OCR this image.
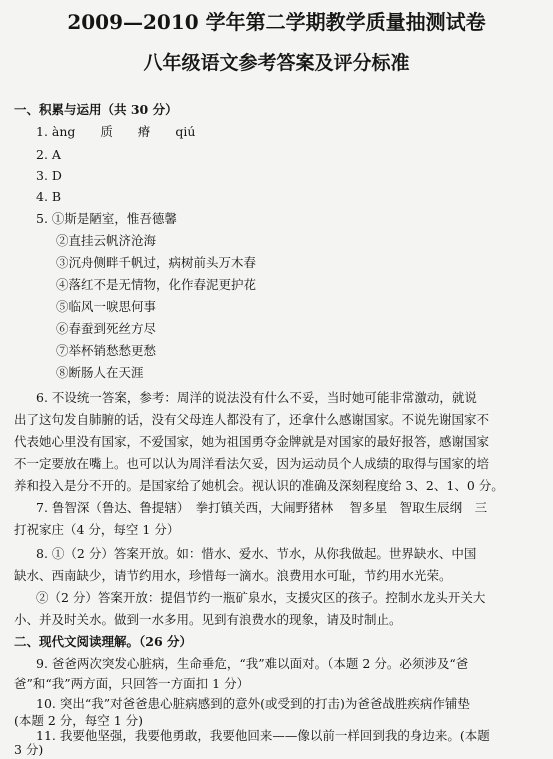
2009—2010 学年第二学期教学质量抽测试卷
八年级语文参考答案及评分标准
一、积累与运用（共 30 分）
1. àng　　质　　瘠　　qiú
2. A
3. D
4. B
5. ①斯是陋室，惟吾德馨
②直挂云帆济沧海
③沉舟侧畔千帆过，病树前头万木春
④落红不是无情物，化作春泥更护花
⑤临风一唳思何事
⑥春蚕到死丝方尽
⑦举杯销愁愁更愁
⑧断肠人在天涯
6. 不设统一答案，参考：周洋的说法没有什么不妥，当时她可能非常激动，就说
出了这句发自肺腑的话，没有父母连人都没有了，还拿什么感谢国家。不说先谢国家不
代表她心里没有国家，不爱国家，她为祖国勇夺金牌就是对国家的最好报答，感谢国家
不一定要放在嘴上。也可以认为周洋看法欠妥，因为运动员个人成绩的取得与国家的培
养和投入是分不开的。是国家给了她机会。视认识的准确及深刻程度给 3、2、1、0 分。
7. 鲁智深（鲁达、鲁提辖）　拳打镇关西，大闹野猪林　 智多星　智取生辰纲　三
打祝家庄（4 分，每空 1 分）
8. ①（2 分）答案开放。如：惜水、爱水、节水，从你我做起。世界缺水、中国
缺水、西南缺少，请节约用水，珍惜每一滴水。浪费用水可耻，节约用水光荣。
②（2 分）答案开放：提倡节约一瓶矿泉水，支援灾区的孩子。控制水龙头开关大
小、并及时关水。做到一水多用。见到有浪费水的现象，请及时制止。
二、现代文阅读理解。（26 分）
9. 爸爸两次突发心脏病，生命垂危，“我”难以面对。（本题 2 分。必须涉及“爸
爸”和“我”两方面，只回答一方面扣 1 分）
10. 突出“我”对爸爸患心脏病感到的意外(或受到的打击)为爸爸战胜疾病作铺垫
(本题 2 分，每空 1 分)
11. 我要他坚强，我要他勇敢，我要他回来——像以前一样回到我的身边来。(本题
3 分)
